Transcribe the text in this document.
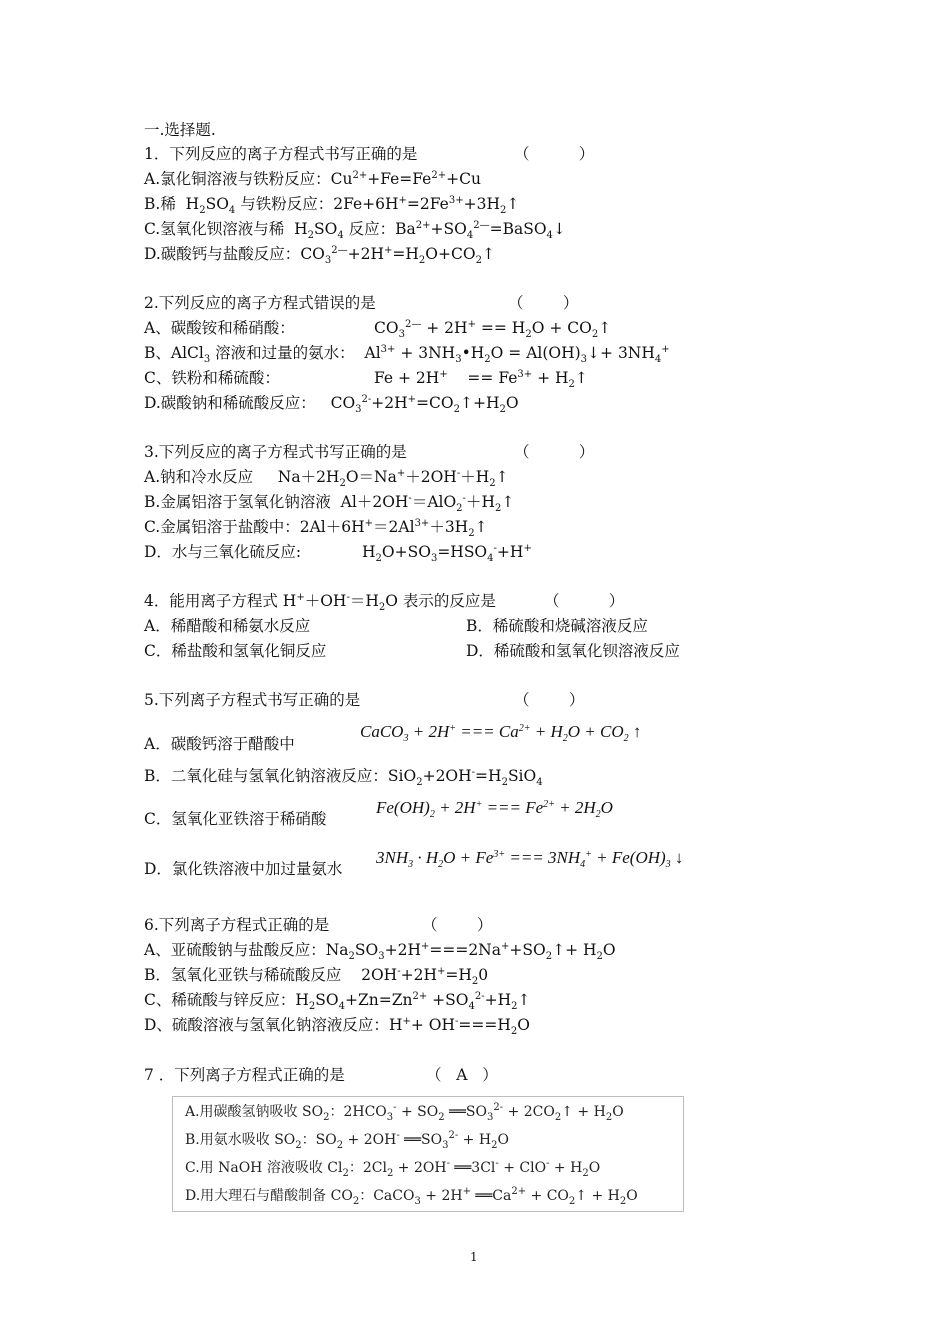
一.选择题.
1．下列反应的离子方程式书写正确的是	（          ）
A.氯化铜溶液与铁粉反应：$Cu^{2+}+Fe=Fe^{2+}+Cu$
B.稀  $H_2SO_4$ 与铁粉反应：$2Fe+6H^+=2Fe^{3+}+3H_2↑$
C.氢氧化钡溶液与稀  $H_2SO_4$ 反应：$Ba^{2+}+SO_4^{2—}=BaSO_4↓$
D.碳酸钙与盐酸反应：$CO_3^{2—}+2H^+=H_2O+CO_2↑$
2.下列反应的离子方程式错误的是	（        ）
A、碳酸铵和稀硝酸：	$CO_3^{2—} + 2H^+ == H_2O$ + $CO_2↑$
B、AlCl$_3$ 溶液和过量的氨水：  $Al^{3+}$ + $3NH_3•H_2O$ = $Al(OH)_3↓+ 3NH_4^+$
C、铁粉和稀硫酸：	Fe + 2H+    == $Fe^{3+}$ + $H_2↑$
D.碳酸钠和稀硫酸反应：   $CO_3^{2-}+2H^+=CO_2↑+H_2O$
3.下列反应的离子方程式书写正确的是	（          ）
A.钠和冷水反应     $Na+2H_2O=Na^++2OH^-+H_2↑$
B.金属铝溶于氢氧化钠溶液  $Al+2OH^-=AlO_2^-+H_2↑$
C.金属铝溶于盐酸中：$2Al+6H^+=2Al^{3+}+3H_2↑$
D．水与三氧化硫反应:	$H_2O+SO_3=HSO_4^-+H^+$
4．能用离子方程式 $H^++OH^-=H_2O$ 表示的反应是	（          ）
A．稀醋酸和稀氨水反应	B．稀硫酸和烧碱溶液反应
C．稀盐酸和氢氧化铜反应	D．稀硫酸和氢氧化钡溶液反应
5.下列离子方程式书写正确的是	（        ）
A．碳酸钙溶于醋酸中
CaCO$_3$ + 2H+ === $Ca^{2+} + H_2O + CO_2$ ↑
B．二氧化硅与氢氧化钠溶液反应：$SiO_2+2OH^-=H_2SiO_4$
C．氢氧化亚铁溶于稀硝酸
$Fe(OH)_2 + 2H^+$ === $Fe^{2+} + 2H_2O$
D．氯化铁溶液中加过量氨水
$3NH_3 \cdot H_2O + Fe^{3+}$ === $3NH_4^+ + Fe(OH)_3$ ↓
6.下列离子方程式正确的是	（        ）
A、亚硫酸钠与盐酸反应：$Na_2SO_3+2H^+===2Na^++SO_2↑+ H_2O$
B．氢氧化亚铁与稀硫酸反应    $2OH^-+2H^+=H_20$
C、稀硫酸与锌反应：$H_2SO_4+Zn=Zn^{2+}$ $+SO_4^{2-}+H_2↑$
D、硫酸溶液与氢氧化钠溶液反应：$H^++ OH^-===H_2O$
7 ．下列离子方程式正确的是	（   A   ）
A.用碳酸氢钠吸收 $SO_2$：$2HCO_3^- + SO_2$ $══SO_3^{2-}$ + $2CO_2↑ + H_2O$
B.用氨水吸收 $SO_2$：$SO_2 + 2OH^-$ $══SO_3^{2-} + H_2O$
C.用 NaOH 溶液吸收 $Cl_2$：$2Cl_2 + 2OH^-$ ══3Cl- + $ClO^- + H_2O$
D.用大理石与醋酸制备 $CO_2$：CaCO$_3$ + 2H+ $══Ca^{2+}$ + $CO_2↑ + H_2O$
1
